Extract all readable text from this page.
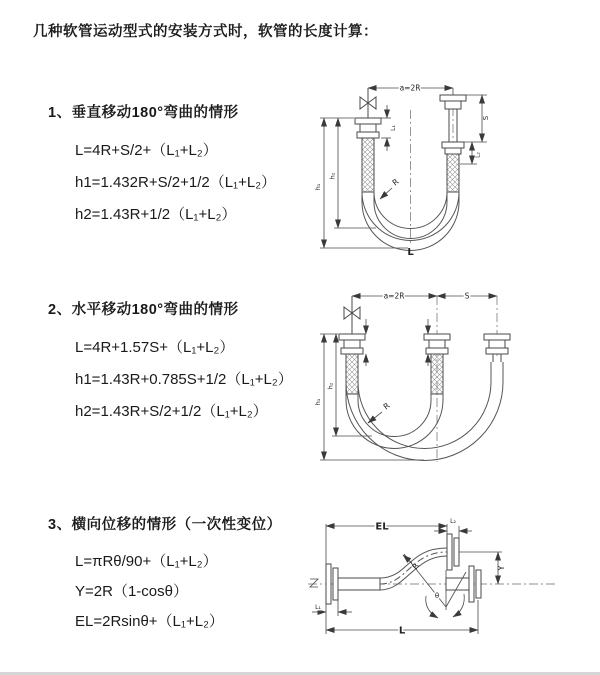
几种软管运动型式的安装方式时，软管的长度计算：
1、垂直移动180°弯曲的情形

L=4R+S/2+（L₁+L₂）

h1=1.432R+S/2+1/2（L₁+L₂）

h2=1.43R+1/2（L₁+L₂）

2、水平移动180°弯曲的情形

L=4R+1.57S+（L₁+L₂）

h1=1.43R+0.785S+1/2（L₁+L₂）

h2=1.43R+S/2+1/2（L₁+L₂）

3、横向位移的情形（一次性变位）

L=πRθ/90+（L₁+L₂）

Y=2R（1-cosθ）

EL=2Rsinθ+（L₁+L₂）

a=2R
h₁
h₂
L₁
S
L₂
R
L
a=2R	S
h₁
h₂
R
EL	L₂
Y
L
L₁
R
θ
